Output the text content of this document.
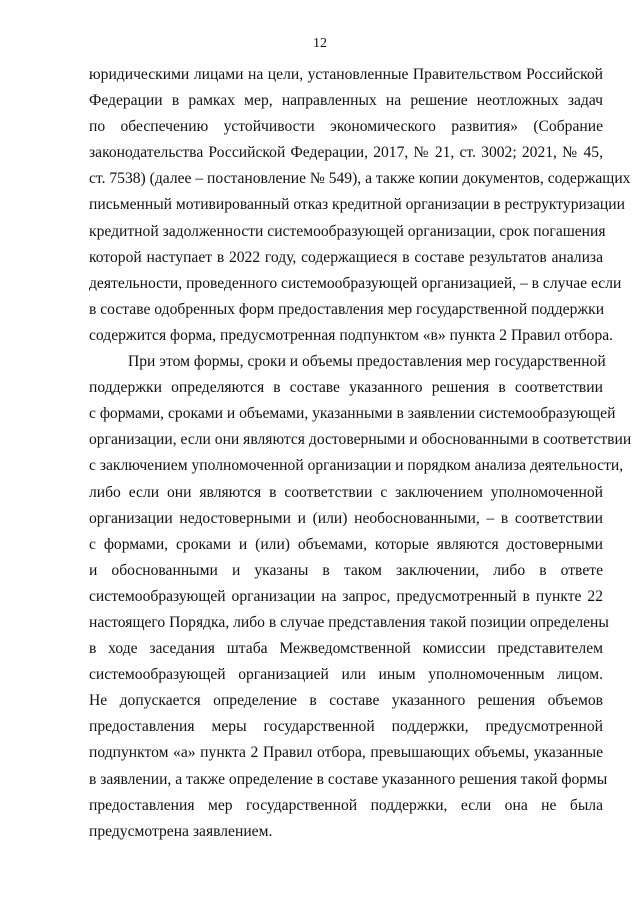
12
юридическими лицами на цели, установленные Правительством Российской
Федерации в рамках мер, направленных на решение неотложных задач
по обеспечению устойчивости экономического развития» (Собрание
законодательства Российской Федерации, 2017, № 21, ст. 3002; 2021, № 45,
ст. 7538) (далее – постановление № 549), а также копии документов, содержащих
письменный мотивированный отказ кредитной организации в реструктуризации
кредитной задолженности системообразующей организации, срок погашения
которой наступает в 2022 году, содержащиеся в составе результатов анализа
деятельности, проведенного системообразующей организацией, – в случае если
в составе одобренных форм предоставления мер государственной поддержки
содержится форма, предусмотренная подпунктом «в» пункта 2 Правил отбора.
При этом формы, сроки и объемы предоставления мер государственной
поддержки определяются в составе указанного решения в соответствии
с формами, сроками и объемами, указанными в заявлении системообразующей
организации, если они являются достоверными и обоснованными в соответствии
с заключением уполномоченной организации и порядком анализа деятельности,
либо если они являются в соответствии с заключением уполномоченной
организации недостоверными и (или) необоснованными, – в соответствии
с формами, сроками и (или) объемами, которые являются достоверными
и обоснованными и указаны в таком заключении, либо в ответе
системообразующей организации на запрос, предусмотренный в пункте 22
настоящего Порядка, либо в случае представления такой позиции определены
в ходе заседания штаба Межведомственной комиссии представителем
системообразующей организацией или иным уполномоченным лицом.
Не допускается определение в составе указанного решения объемов
предоставления меры государственной поддержки, предусмотренной
подпунктом «а» пункта 2 Правил отбора, превышающих объемы, указанные
в заявлении, а также определение в составе указанного решения такой формы
предоставления мер государственной поддержки, если она не была
предусмотрена заявлением.
